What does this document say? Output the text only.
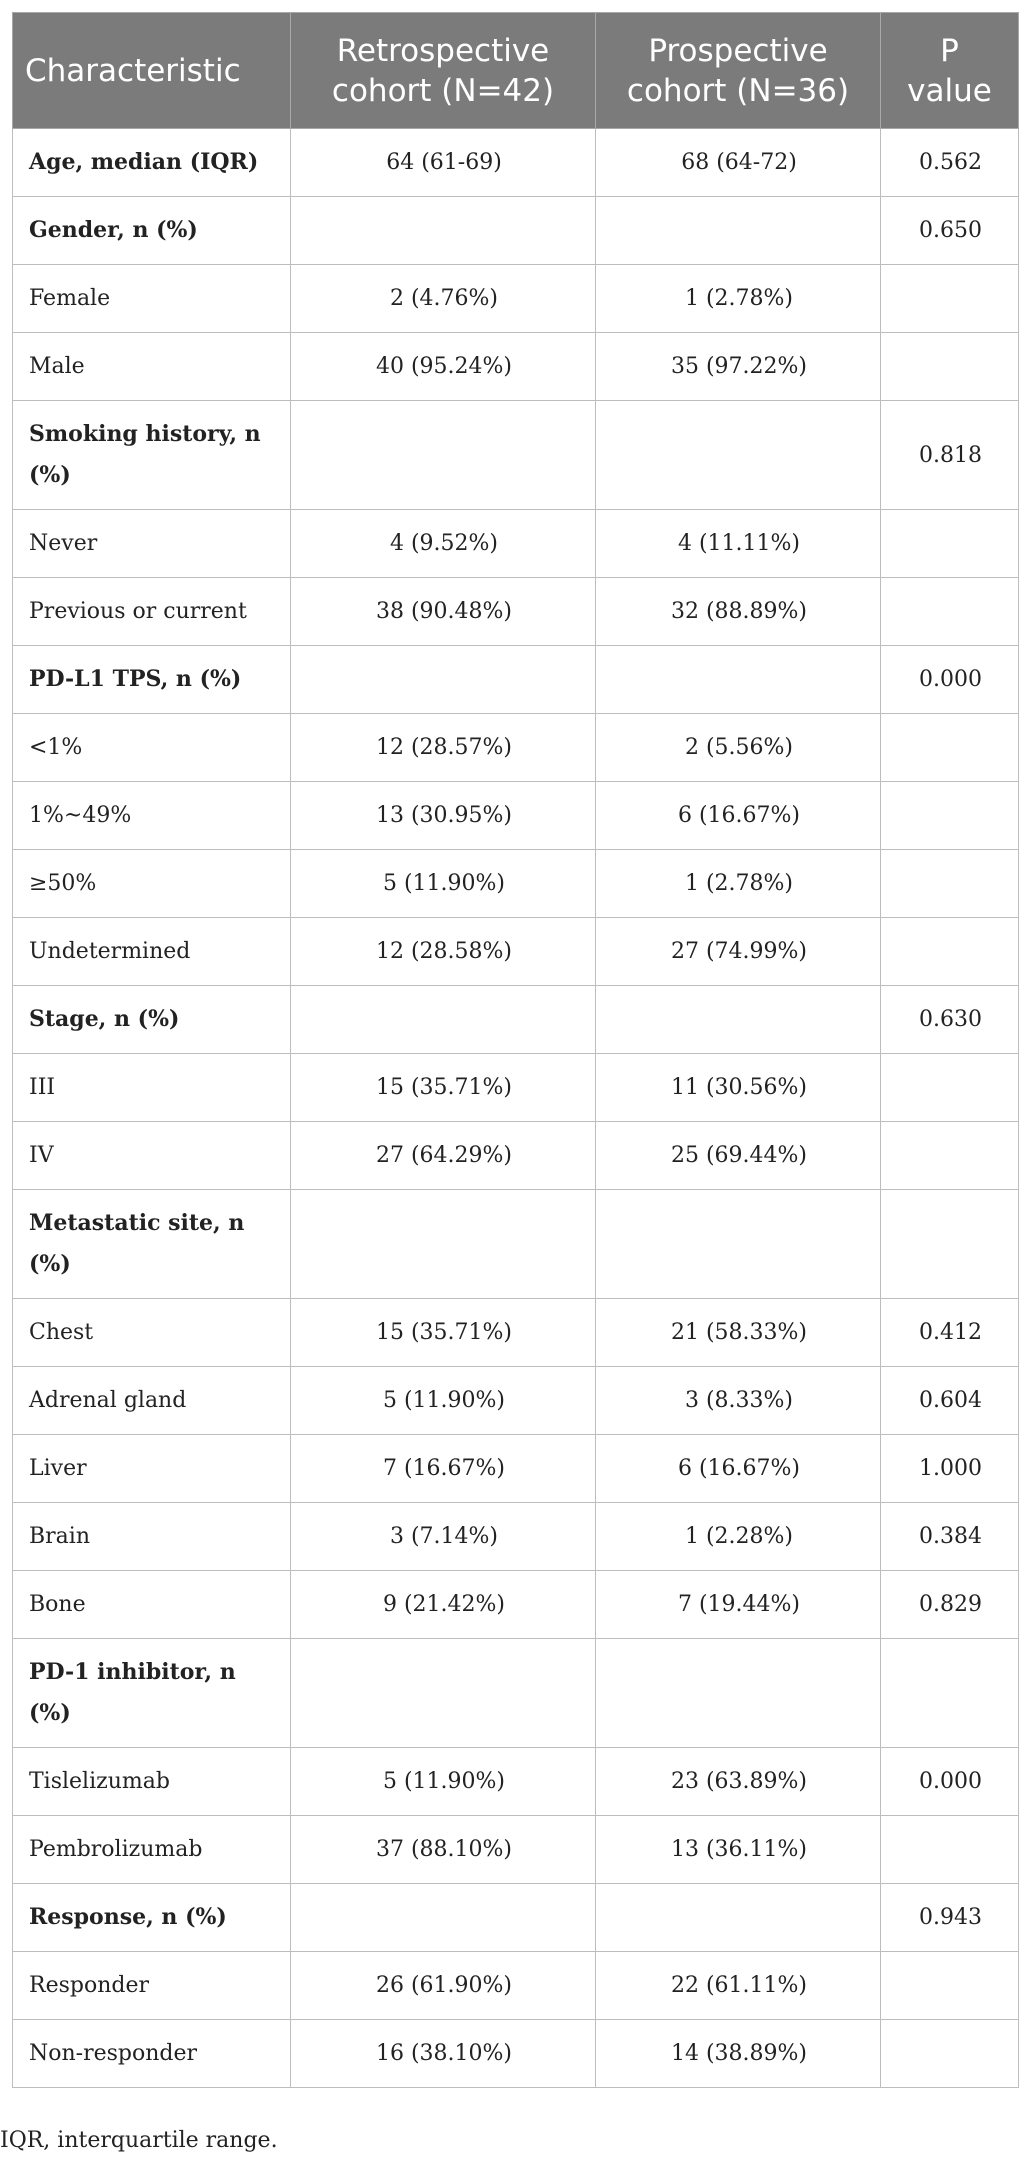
Characteristic	Retrospective cohort (N=42)	Prospective cohort (N=36)	P value
Age, median (IQR)	64 (61-69)	68 (64-72)	0.562
Gender, n (%)			0.650
Female	2 (4.76%)	1 (2.78%)	
Male	40 (95.24%)	35 (97.22%)	
Smoking history, n (%)			0.818
Never	4 (9.52%)	4 (11.11%)	
Previous or current	38 (90.48%)	32 (88.89%)	
PD-L1 TPS, n (%)			0.000
<1%	12 (28.57%)	2 (5.56%)	
1%~49%	13 (30.95%)	6 (16.67%)	
≥50%	5 (11.90%)	1 (2.78%)	
Undetermined	12 (28.58%)	27 (74.99%)	
Stage, n (%)			0.630
III	15 (35.71%)	11 (30.56%)	
IV	27 (64.29%)	25 (69.44%)	
Metastatic site, n (%)			
Chest	15 (35.71%)	21 (58.33%)	0.412
Adrenal gland	5 (11.90%)	3 (8.33%)	0.604
Liver	7 (16.67%)	6 (16.67%)	1.000
Brain	3 (7.14%)	1 (2.28%)	0.384
Bone	9 (21.42%)	7 (19.44%)	0.829
PD-1 inhibitor, n (%)			
Tislelizumab	5 (11.90%)	23 (63.89%)	0.000
Pembrolizumab	37 (88.10%)	13 (36.11%)	
Response, n (%)			0.943
Responder	26 (61.90%)	22 (61.11%)	
Non-responder	16 (38.10%)	14 (38.89%)	
IQR, interquartile range.
